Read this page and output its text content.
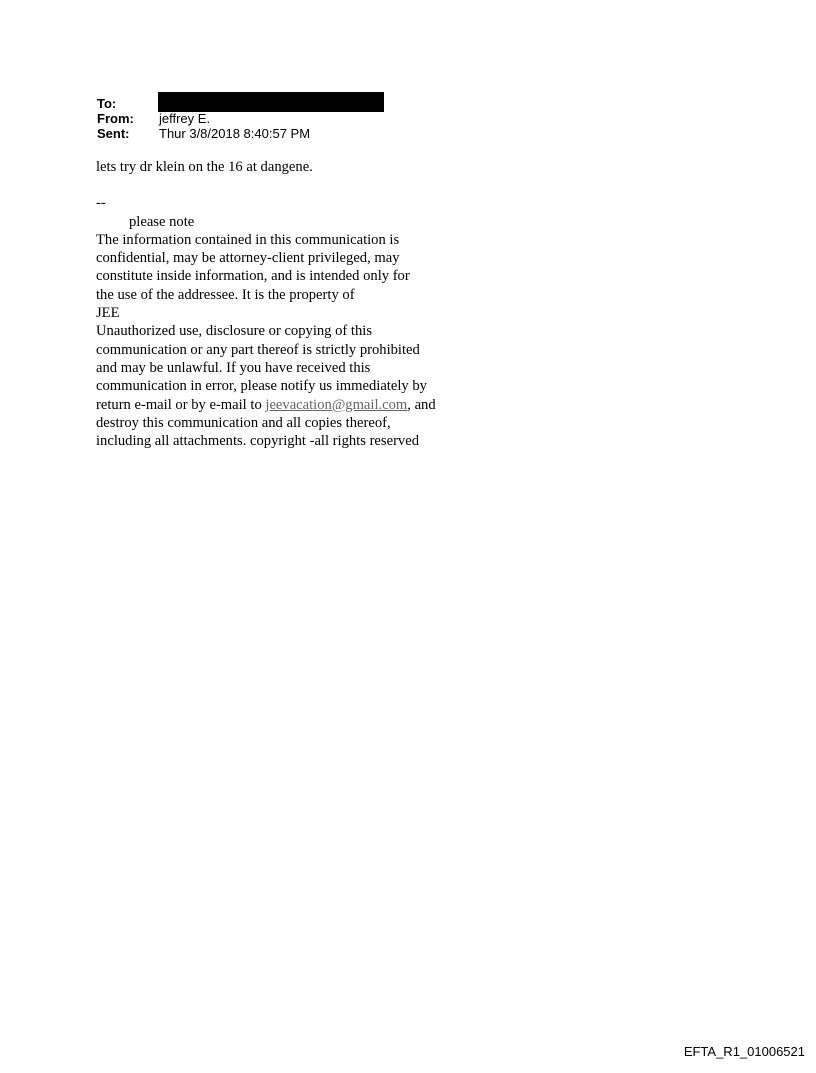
To:
From: jeffrey E.
Sent: Thur 3/8/2018 8:40:57 PM

lets try dr klein on the 16 at dangene.

--

please note

The information contained in this communication is

confidential, may be attorney-client privileged, may

constitute inside information, and is intended only for

the use of the addressee. It is the property of

JEE

Unauthorized use, disclosure or copying of this

communication or any part thereof is strictly prohibited

and may be unlawful. If you have received this

communication in error, please notify us immediately by

return e-mail or by e-mail to jeevacation@gmail.com, and

destroy this communication and all copies thereof,

including all attachments. copyright -all rights reserved

EFTA_R1_01006521
